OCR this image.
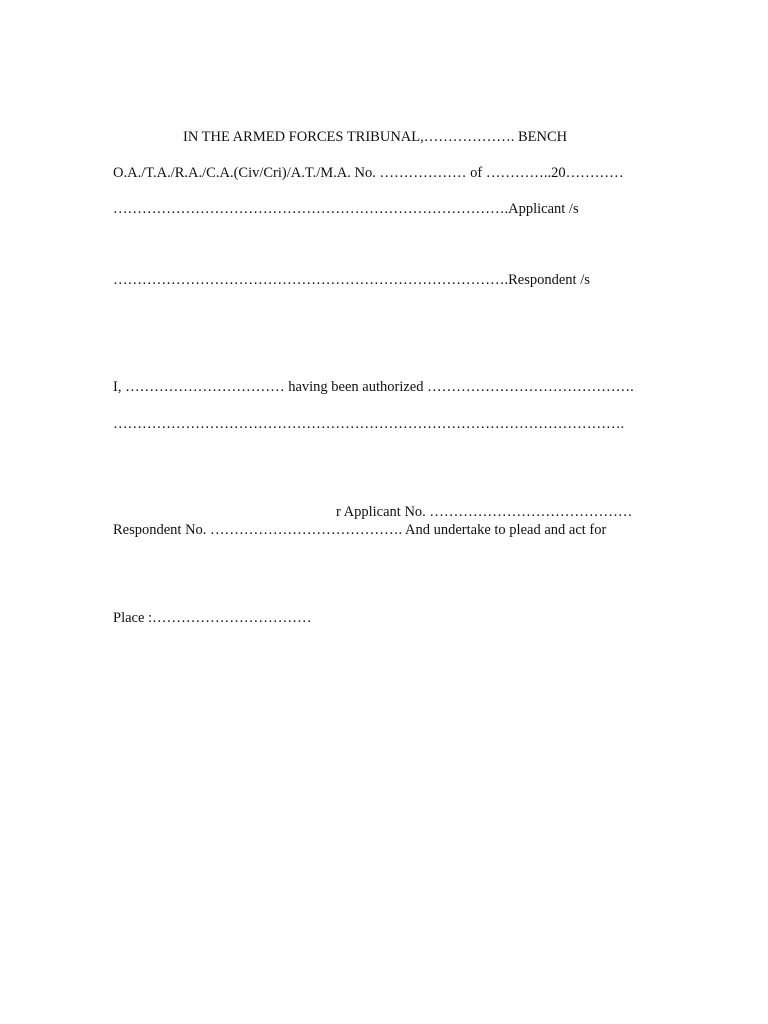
IN THE ARMED FORCES TRIBUNAL,………………. BENCH
O.A./T.A./R.A./C.A.(Civ/Cri)/A.T./M.A. No. ……………… of …………..20…………
……………………………………………………………………….Applicant /s
……………………………………………………………………….Respondent /s
I, …………………………… having been authorized …………………………………….
…………………………………………………………………………………………….
r Applicant No. ……………………………………
Respondent No. …………………………………. And undertake to plead and act for
Place :……………………………
